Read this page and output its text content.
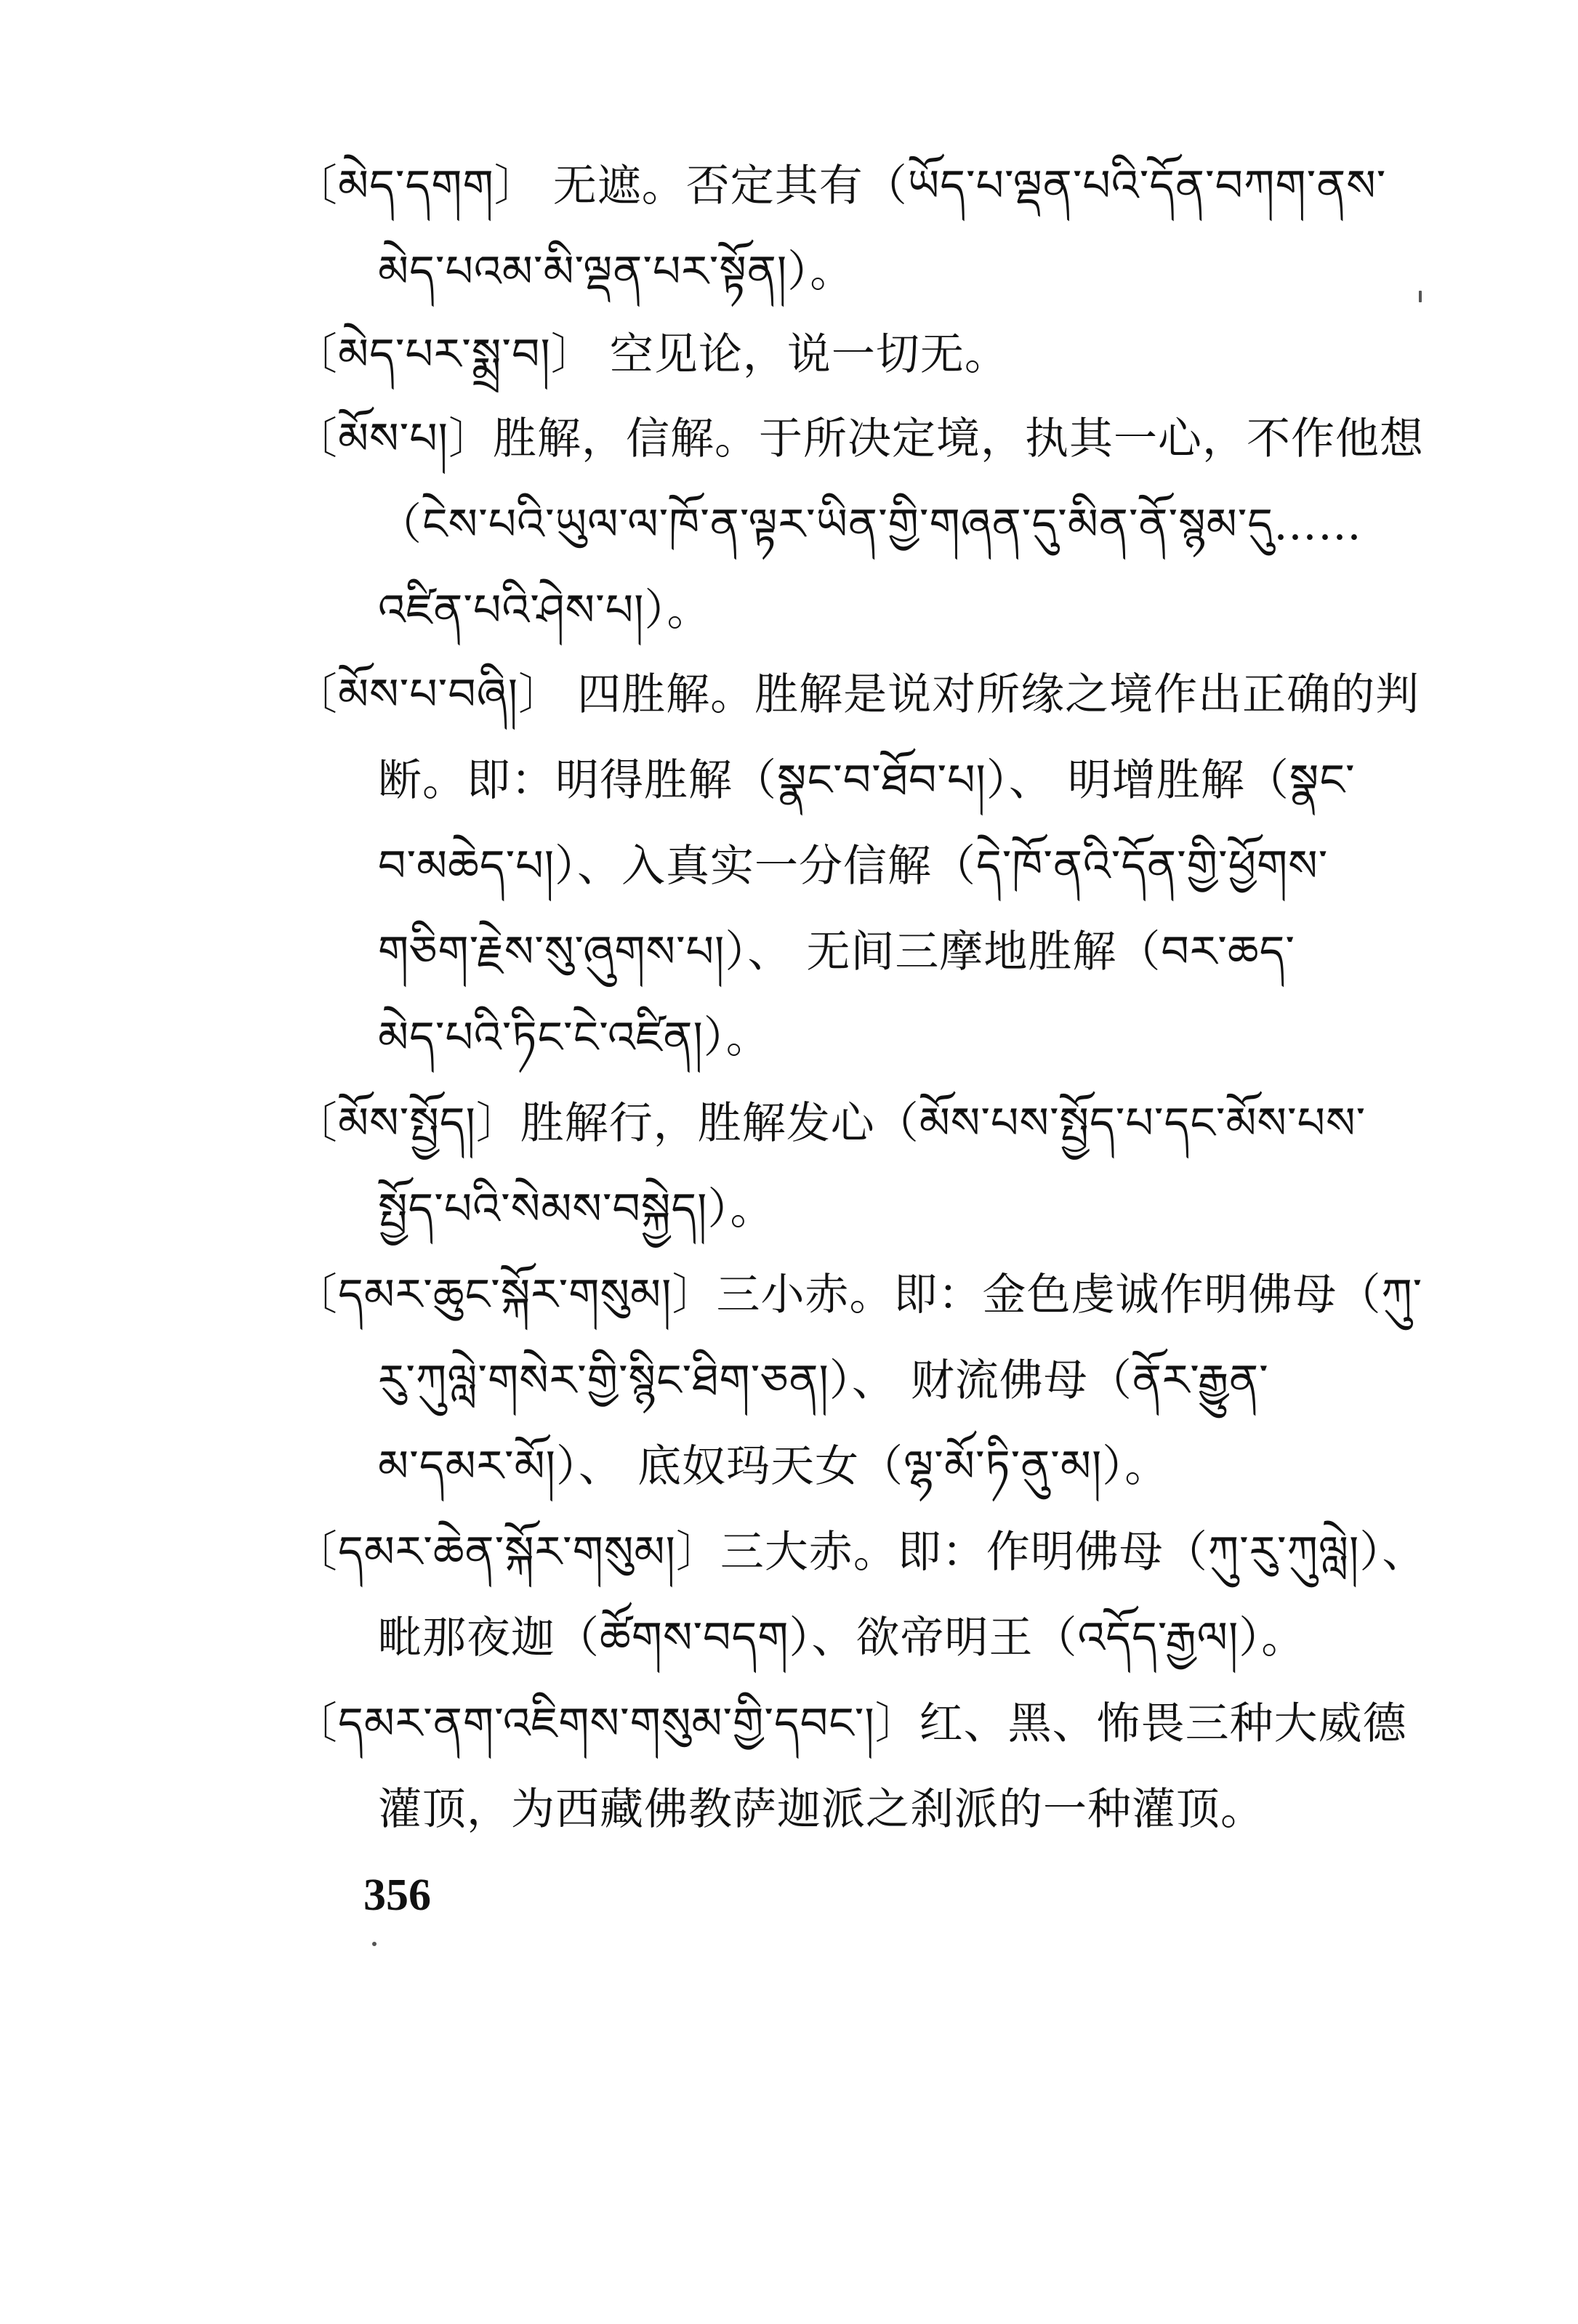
〔མེད་དགག〕 无遮。否定其有（ཡོད་པ་ལྡན་པའི་དོན་བཀག་ནས་
མེད་པའམ་མི་ལྡན་པར་སྟོན།）。
〔མེད་པར་སྨྲ་བ།〕 空见论，说一切无。
〔མོས་པ།〕胜解，信解。于所决定境，执其一心，不作他想
（ངེས་པའི་ཡུལ་ལ་ཁོ་ན་ལྟར་ཡིན་གྱི་གཞན་དུ་མིན་ནོ་སྙམ་དུ……
འཛིན་པའི་ཤེས་པ།）。
〔མོས་པ་བཞི།〕 四胜解。胜解是说对所缘之境作出正确的判
断。即：明得胜解（སྣང་བ་ཐོབ་པ།）、 明增胜解（སྣང་
བ་མཆེད་པ།）、入真实一分信解（དེ་ཁོ་ནའི་དོན་གྱི་ཕྱོགས་
གཅིག་རྗེས་སུ་ཞུགས་པ།）、 无间三摩地胜解（བར་ཆད་
མེད་པའི་ཏིང་ངེ་འཛིན།）。
〔མོས་སྤྱོད།〕胜解行，胜解发心（མོས་པས་སྤྱོད་པ་དང་མོས་པས་
སྤྱོད་པའི་སེམས་བསྐྱེད།）。
〔དམར་ཆུང་སྐོར་གསུམ།〕三小赤。即：金色虔诚作明佛母（ཀུ་
རུ་ཀུལླེ་གསེར་གྱི་སྙིང་ཐིག་ཅན།）、 财流佛母（ནོར་རྒྱུན་
མ་དམར་མོ།）、 底奴玛天女（ལྷ་མོ་ཏི་ནུ་མ།）。
〔དམར་ཆེན་སྐོར་གསུམ།〕三大赤。即：作明佛母（ཀུ་རུ་ཀུལླེ།）、
毗那夜迦（ཚོགས་བདག）、欲帝明王（འདོད་རྒྱལ།）。
〔དམར་ནག་འཇིགས་གསུམ་གྱི་དབང་།〕红、黑、怖畏三种大威德
灌顶，为西藏佛教萨迦派之刹派的一种灌顶。
356
